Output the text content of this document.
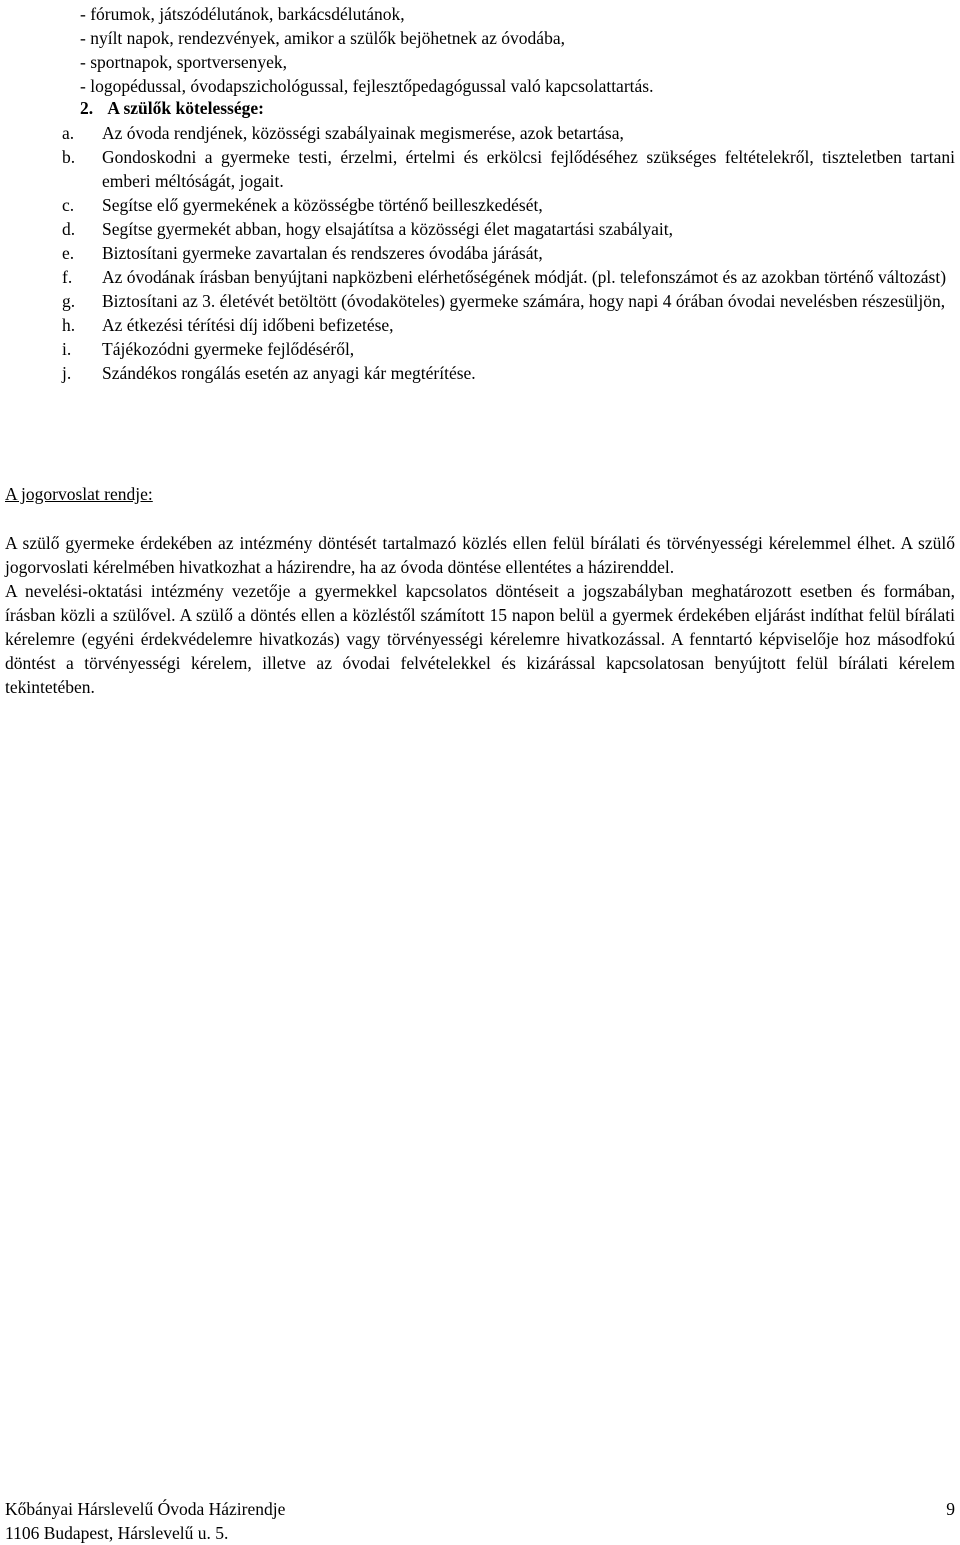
- fórumok, játszódélutánok, barkácsdélutánok,
- nyílt napok, rendezvények, amikor a szülők bejöhetnek az óvodába,
- sportnapok, sportversenyek,
- logopédussal, óvodapszichológussal, fejlesztőpedagógussal való kapcsolattartás.
2. A szülők kötelessége:
a.	Az óvoda rendjének, közösségi szabályainak megismerése, azok betartása,
b.	Gondoskodni a gyermeke testi, érzelmi, értelmi és erkölcsi fejlődéséhez szükséges feltételekről, tiszteletben tartani emberi méltóságát, jogait.
c.	Segítse elő gyermekének a közösségbe történő beilleszkedését,
d.	Segítse gyermekét abban, hogy elsajátítsa a közösségi élet magatartási szabályait,
e.	Biztosítani gyermeke zavartalan és rendszeres óvodába járását,
f.	Az óvodának írásban benyújtani napközbeni elérhetőségének módját. (pl. telefonszámot és az azokban történő változást)
g.	Biztosítani az 3. életévét betöltött (óvodaköteles) gyermeke számára, hogy napi 4 órában óvodai nevelésben részesüljön,
h.	Az étkezési térítési díj időbeni befizetése,
i.	Tájékozódni gyermeke fejlődéséről,
j.	Szándékos rongálás esetén az anyagi kár megtérítése.
A jogorvoslat rendje:

A szülő gyermeke érdekében az intézmény döntését tartalmazó közlés ellen felül bírálati és törvényességi kérelemmel élhet. A szülő jogorvoslati kérelmében hivatkozhat a házirendre, ha az óvoda döntése ellentétes a házirenddel.

A nevelési-oktatási intézmény vezetője a gyermekkel kapcsolatos döntéseit a jogszabályban meghatározott esetben és formában, írásban közli a szülővel. A szülő a döntés ellen a közléstől számított 15 napon belül a gyermek érdekében eljárást indíthat felül bírálati kérelemre (egyéni érdekvédelemre hivatkozás) vagy törvényességi kérelemre hivatkozással. A fenntartó képviselője hoz másodfokú döntést a törvényességi kérelem, illetve az óvodai felvételekkel és kizárással kapcsolatosan benyújtott felül bírálati kérelem tekintetében.

Kőbányai Hárslevelű Óvoda Házirendje	9
1106 Budapest, Hárslevelű u. 5.
